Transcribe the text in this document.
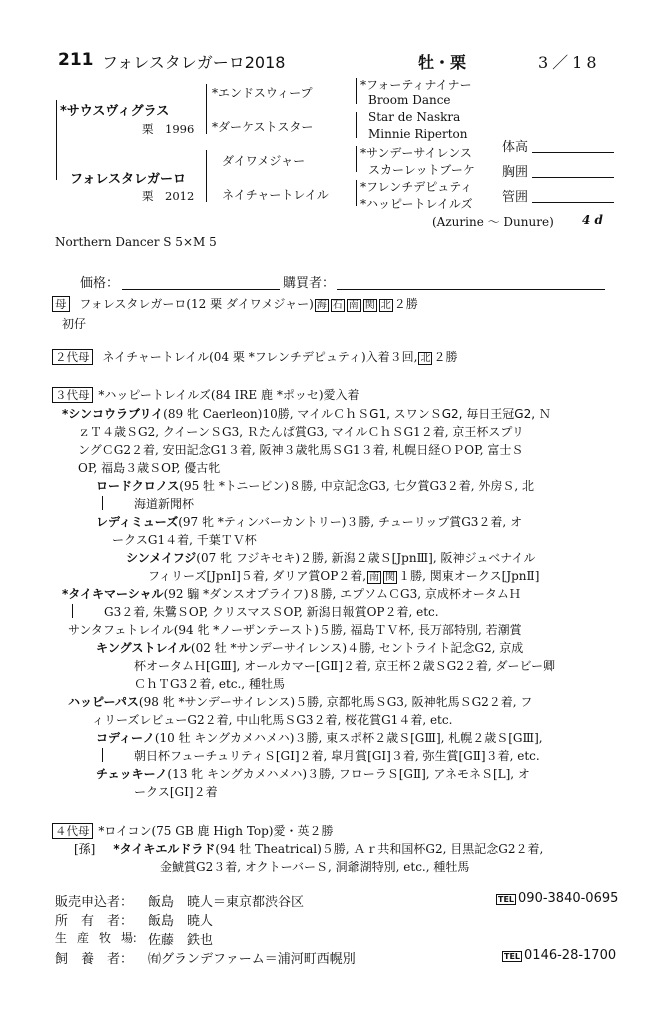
211 フォレスタレガーロ2018	牡・栗	3／18
*サウスヴィグラス
栗　1996
フォレスタレガーロ
栗　2012
*エンドスウィープ
*ダーケストスター
ダイワメジャー
ネイチャートレイル
*フォーティナイナー
Broom Dance
Star de Naskra
Minnie Riperton
*サンデーサイレンス
スカーレットブーケ
*フレンチデピュティ
*ハッピートレイルズ
体高
胸囲
管囲
(Azurine ～ Dunure) 4 d
Northern Dancer S 5×M 5
価格：	購買者：
母 フォレスタレガーロ(12 栗 ダイワメジャー) 海 石 南 関 北 ２勝
初仔
２代母 ネイチャートレイル(04 栗 *フレンチデピュティ)入着３回, 北 ２勝
３代母 *ハッピートレイルズ(84 IRE 鹿 *ポッセ)愛入着
*シンコウラブリイ(89 牝 Caerleon)10勝, マイルＣｈＳG1, スワンＳG2, 毎日王冠G2, Ｎ
ｚＴ４歳ＳG2, クイーンＳG3, Ｒたんぱ賞G3, マイルＣｈＳG1２着, 京王杯スプリ
ングＣG2２着, 安田記念G1３着, 阪神３歳牝馬ＳG1３着, 札幌日経ＯＰOP, 富士Ｓ
OP, 福島３歳ＳOP, 優古牝
ロードクロノス(95 牡 *トニービン)８勝, 中京記念G3, 七夕賞G3２着, 外房Ｓ, 北
海道新聞杯
レディミューズ(97 牝 *ティンバーカントリー)３勝, チューリップ賞G3２着, オ
ークスG1４着, 千葉ＴＶ杯
シンメイフジ(07 牝 フジキセキ)２勝, 新潟２歳Ｓ[JpnⅢ], 阪神ジュベナイル
フィリーズ[JpnⅠ]５着, ダリア賞OP２着, 南 関 １勝, 関東オークス[JpnⅡ]
*タイキマーシャル(92 騸 *ダンスオブライフ)８勝, エプソムＣG3, 京成杯オータムＨ
G3２着, 朱鷺ＳOP, クリスマスＳOP, 新潟日報賞OP２着, etc.
サンタフェトレイル(94 牝 *ノーザンテースト)５勝, 福島ＴＶ杯, 長万部特別, 若潮賞
キングストレイル(02 牡 *サンデーサイレンス)４勝, セントライト記念G2, 京成
杯オータムＨ[GⅢ], オールカマー[GⅡ]２着, 京王杯２歳ＳG2２着, ダービー卿
ＣｈＴG3２着, etc., 種牡馬
ハッピーパス(98 牝 *サンデーサイレンス)５勝, 京都牝馬ＳG3, 阪神牝馬ＳG2２着, フ
ィリーズレビューG2２着, 中山牝馬ＳG3２着, 桜花賞G1４着, etc.
コディーノ(10 牡 キングカメハメハ)３勝, 東スポ杯２歳Ｓ[GⅢ], 札幌２歳Ｓ[GⅢ],
朝日杯フューチュリティＳ[GⅠ]２着, 皐月賞[GⅠ]３着, 弥生賞[GⅡ]３着, etc.
チェッキーノ(13 牝 キングカメハメハ)３勝, フローラＳ[GⅡ], アネモネＳ[L], オ
ークス[GⅠ]２着
４代母 *ロイコン(75 GB 鹿 High Top)愛・英２勝
[孫] *タイキエルドラド(94 牡 Theatrical)５勝, Ａｒ共和国杯G2, 目黒記念G2２着,
金鯱賞G2３着, オクトーバーＳ, 洞爺湖特別, etc., 種牡馬
販売申込者： 飯島　暁人＝東京都渋谷区	TEL 090-3840-0695
所　有　者： 飯島　暁人
生　産　牧　場： 佐藤　鉄也
飼　養　者： ㈲グランデファーム＝浦河町西幌別	TEL 0146-28-1700
